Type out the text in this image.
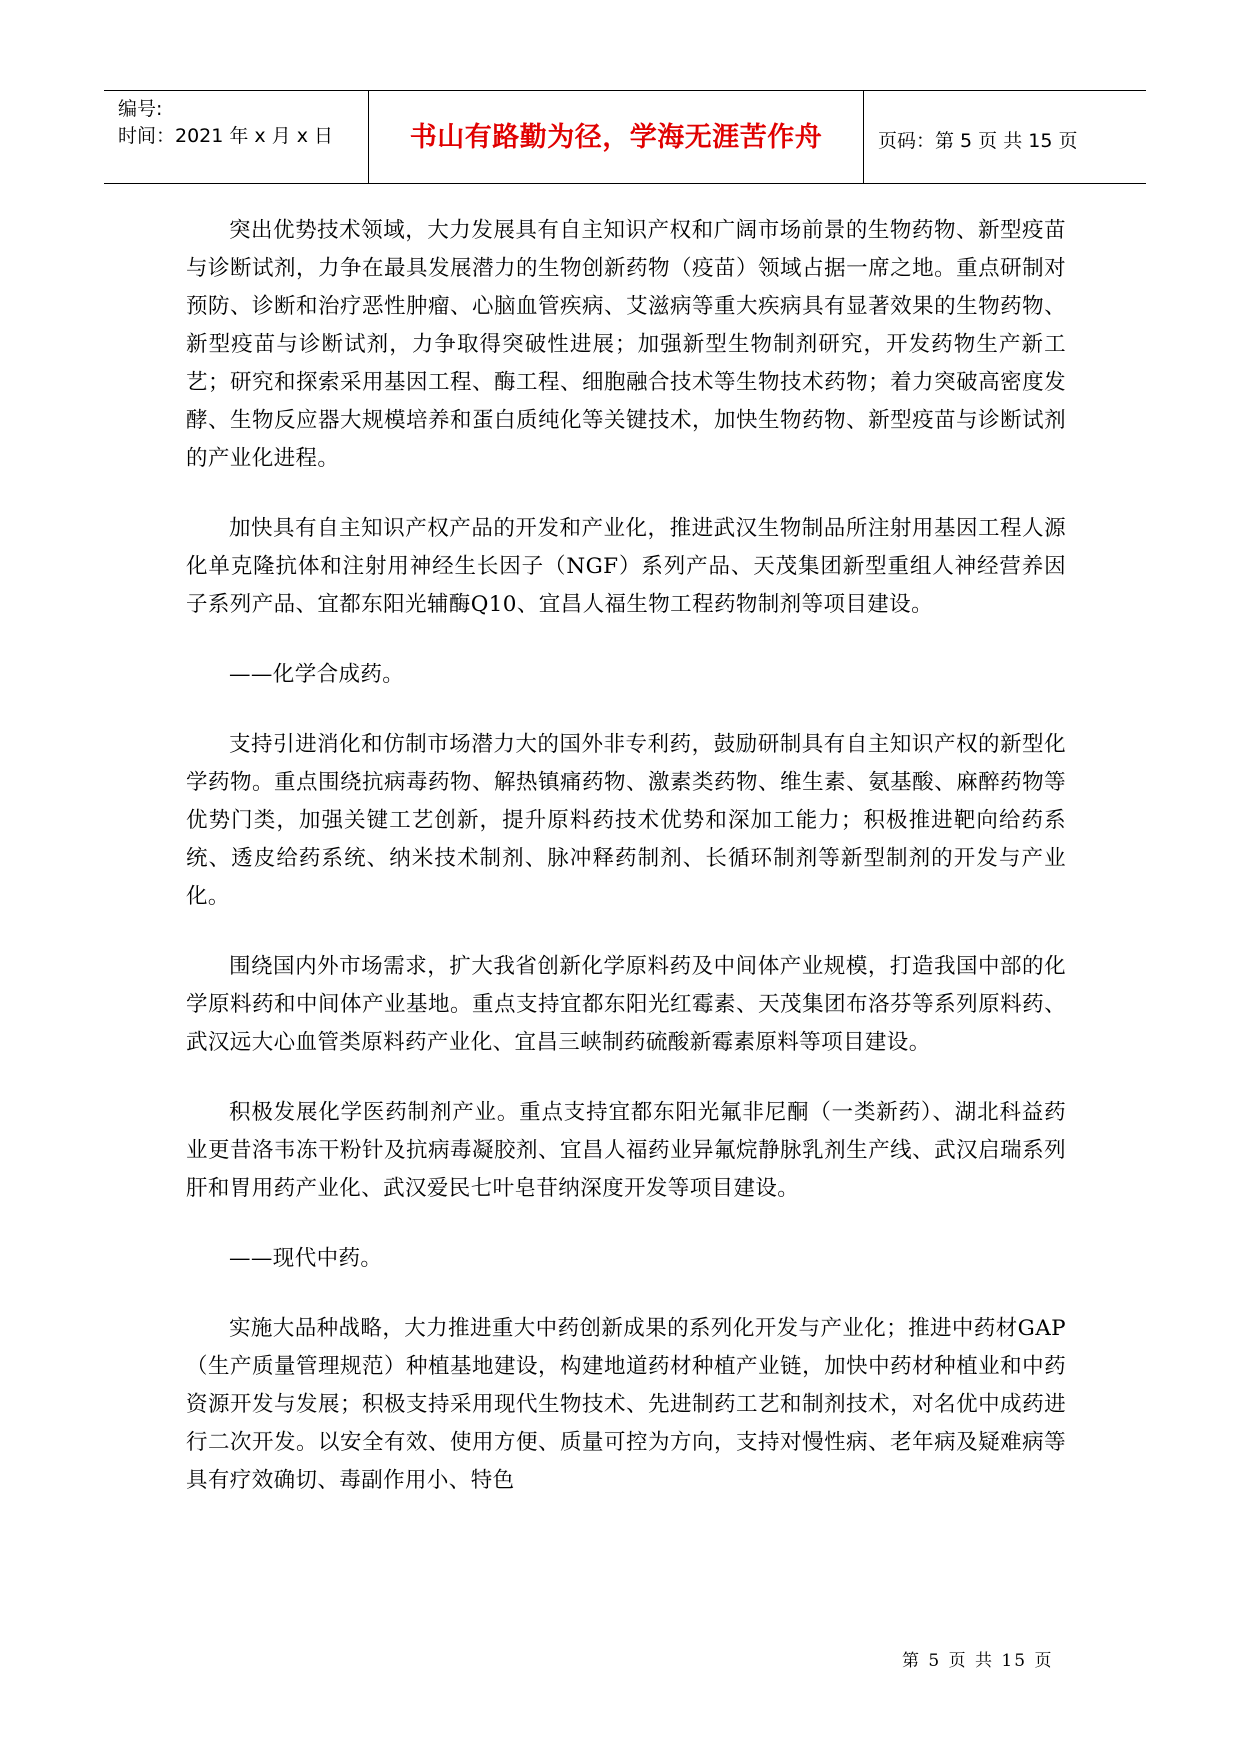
编号:
时间：2021 年 x 月 x 日	书山有路勤为径，学海无涯苦作舟	页码：第 5 页 共 15 页

突出优势技术领域，大力发展具有自主知识产权和广阔市场前景的生物药物、新型疫苗与诊断试剂，力争在最具发展潜力的生物创新药物（疫苗）领域占据一席之地。重点研制对预防、诊断和治疗恶性肿瘤、心脑血管疾病、艾滋病等重大疾病具有显著效果的生物药物、新型疫苗与诊断试剂，力争取得突破性进展；加强新型生物制剂研究，开发药物生产新工艺；研究和探索采用基因工程、酶工程、细胞融合技术等生物技术药物；着力突破高密度发酵、生物反应器大规模培养和蛋白质纯化等关键技术，加快生物药物、新型疫苗与诊断试剂的产业化进程。

加快具有自主知识产权产品的开发和产业化，推进武汉生物制品所注射用基因工程人源化单克隆抗体和注射用神经生长因子（NGF）系列产品、天茂集团新型重组人神经营养因子系列产品、宜都东阳光辅酶Q10、宜昌人福生物工程药物制剂等项目建设。

——化学合成药。

支持引进消化和仿制市场潜力大的国外非专利药，鼓励研制具有自主知识产权的新型化学药物。重点围绕抗病毒药物、解热镇痛药物、激素类药物、维生素、氨基酸、麻醉药物等优势门类，加强关键工艺创新，提升原料药技术优势和深加工能力；积极推进靶向给药系统、透皮给药系统、纳米技术制剂、脉冲释药制剂、长循环制剂等新型制剂的开发与产业化。

围绕国内外市场需求，扩大我省创新化学原料药及中间体产业规模，打造我国中部的化学原料药和中间体产业基地。重点支持宜都东阳光红霉素、天茂集团布洛芬等系列原料药、武汉远大心血管类原料药产业化、宜昌三峡制药硫酸新霉素原料等项目建设。

积极发展化学医药制剂产业。重点支持宜都东阳光氟非尼酮（一类新药）、湖北科益药业更昔洛韦冻干粉针及抗病毒凝胶剂、宜昌人福药业异氟烷静脉乳剂生产线、武汉启瑞系列肝和胃用药产业化、武汉爱民七叶皂苷纳深度开发等项目建设。

——现代中药。

实施大品种战略，大力推进重大中药创新成果的系列化开发与产业化；推进中药材GAP（生产质量管理规范）种植基地建设，构建地道药材种植产业链，加快中药材种植业和中药资源开发与发展；积极支持采用现代生物技术、先进制药工艺和制剂技术，对名优中成药进行二次开发。以安全有效、使用方便、质量可控为方向，支持对慢性病、老年病及疑难病等具有疗效确切、毒副作用小、特色

第 5 页 共 15 页
